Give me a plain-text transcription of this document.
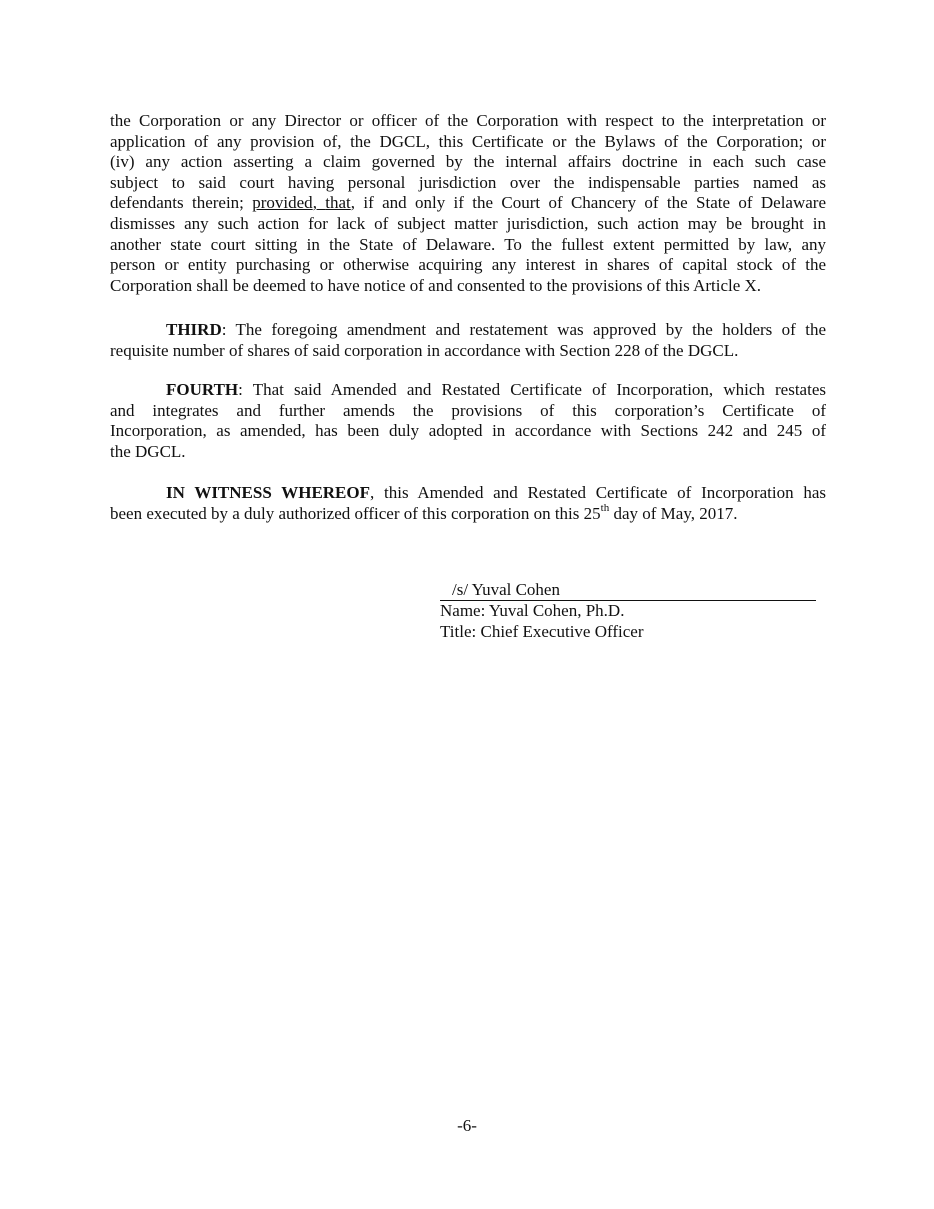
the Corporation or any Director or officer of the Corporation with respect to the interpretation or
application of any provision of, the DGCL, this Certificate or the Bylaws of the Corporation; or
(iv) any action asserting a claim governed by the internal affairs doctrine in each such case
subject to said court having personal jurisdiction over the indispensable parties named as
defendants therein; provided, that, if and only if the Court of Chancery of the State of Delaware
dismisses any such action for lack of subject matter jurisdiction, such action may be brought in
another state court sitting in the State of Delaware. To the fullest extent permitted by law, any
person or entity purchasing or otherwise acquiring any interest in shares of capital stock of the
Corporation shall be deemed to have notice of and consented to the provisions of this Article X.

THIRD: The foregoing amendment and restatement was approved by the holders of the
requisite number of shares of said corporation in accordance with Section 228 of the DGCL.

FOURTH: That said Amended and Restated Certificate of Incorporation, which restates
and integrates and further amends the provisions of this corporation’s Certificate of
Incorporation, as amended, has been duly adopted in accordance with Sections 242 and 245 of
the DGCL.

IN WITNESS WHEREOF, this Amended and Restated Certificate of Incorporation has
been executed by a duly authorized officer of this corporation on this 25th day of May, 2017.

/s/ Yuval Cohen
Name: Yuval Cohen, Ph.D.
Title: Chief Executive Officer
-6-
